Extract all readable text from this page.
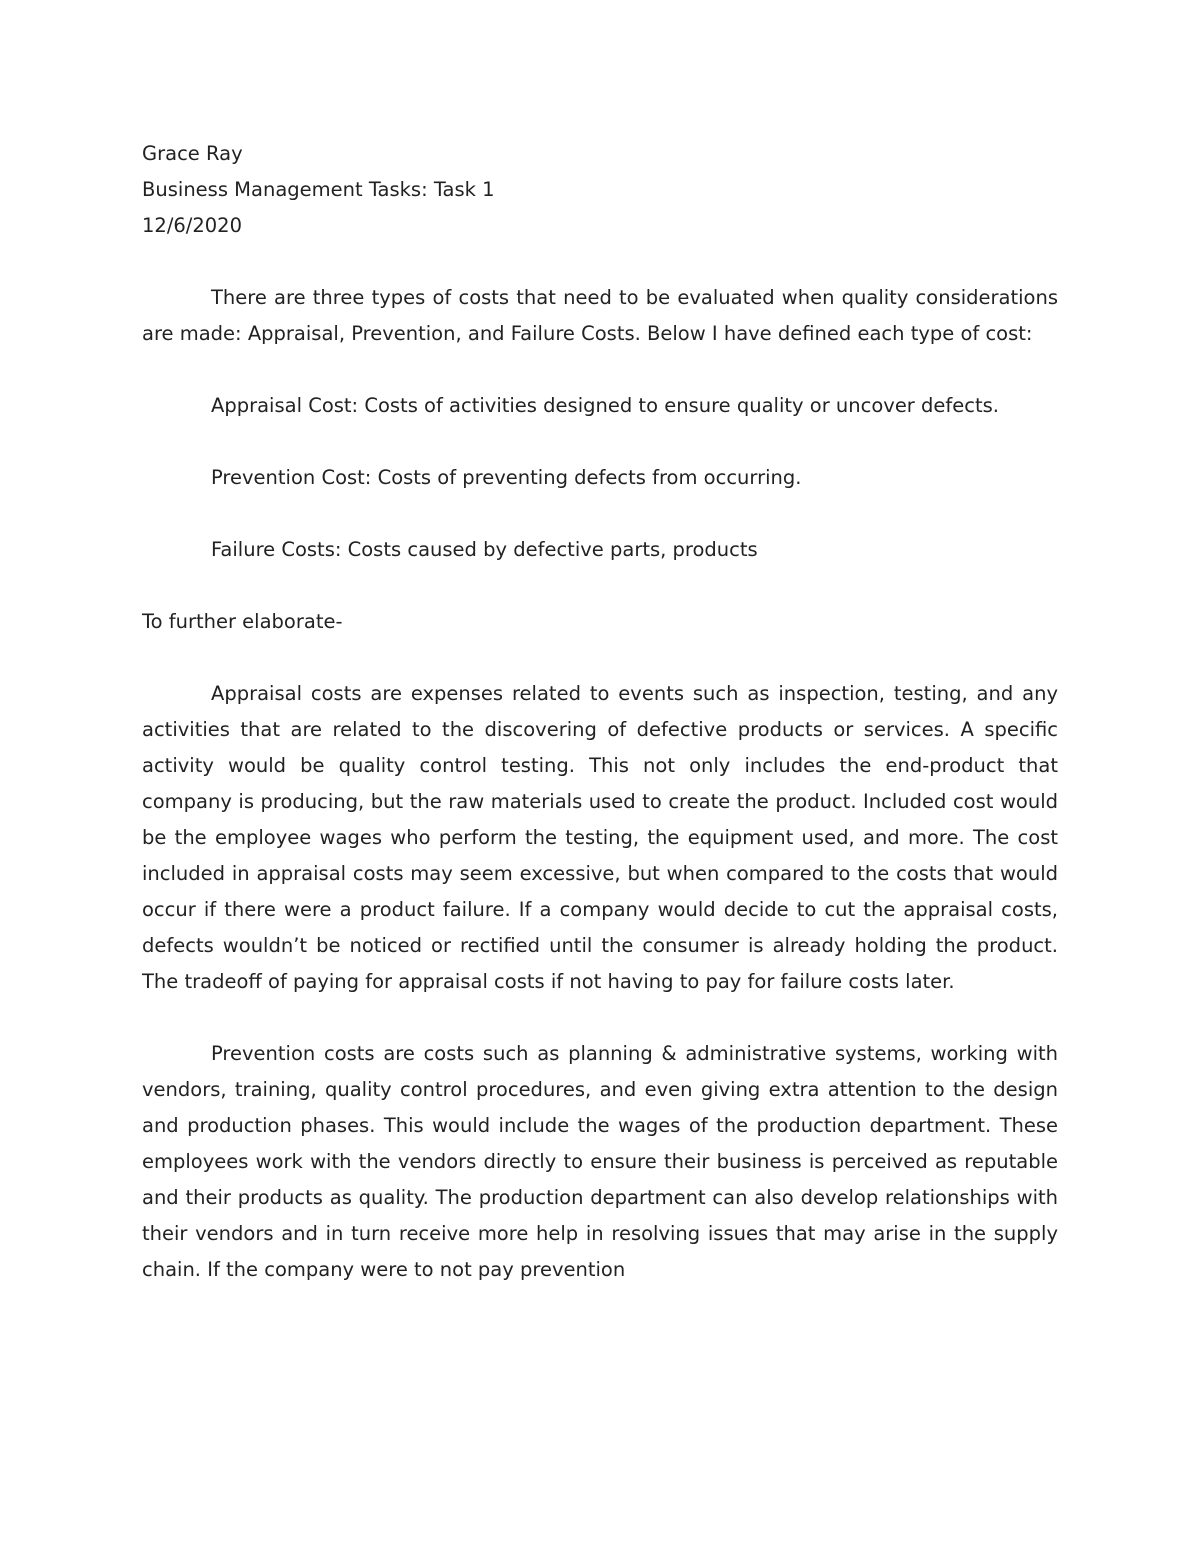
Grace Ray

Business Management Tasks: Task 1

12/6/2020

There are three types of costs that need to be evaluated when quality considerations are made: Appraisal, Prevention, and Failure Costs. Below I have defined each type of cost:

Appraisal Cost: Costs of activities designed to ensure quality or uncover defects.

Prevention Cost: Costs of preventing defects from occurring.

Failure Costs: Costs caused by defective parts, products

To further elaborate-

Appraisal costs are expenses related to events such as inspection, testing, and any activities that are related to the discovering of defective products or services. A specific activity would be quality control testing. This not only includes the end-product that company is producing, but the raw materials used to create the product. Included cost would be the employee wages who perform the testing, the equipment used, and more. The cost included in appraisal costs may seem excessive, but when compared to the costs that would occur if there were a product failure. If a company would decide to cut the appraisal costs, defects wouldn’t be noticed or rectified until the consumer is already holding the product. The tradeoff of paying for appraisal costs if not having to pay for failure costs later.

Prevention costs are costs such as planning & administrative systems, working with vendors, training, quality control procedures, and even giving extra attention to the design and production phases. This would include the wages of the production department. These employees work with the vendors directly to ensure their business is perceived as reputable and their products as quality. The production department can also develop relationships with their vendors and in turn receive more help in resolving issues that may arise in the supply chain. If the company were to not pay prevention
